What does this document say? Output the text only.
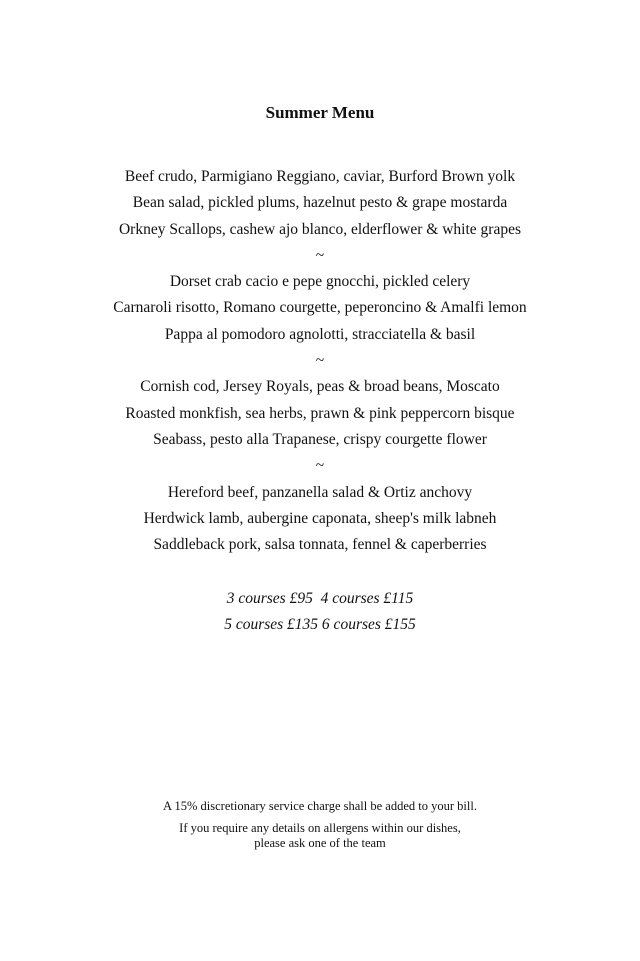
Summer Menu
Beef crudo, Parmigiano Reggiano, caviar, Burford Brown yolk
Bean salad, pickled plums, hazelnut pesto & grape mostarda
Orkney Scallops, cashew ajo blanco, elderflower & white grapes
~
Dorset crab cacio e pepe gnocchi, pickled celery
Carnaroli risotto, Romano courgette, peperoncino & Amalfi lemon
Pappa al pomodoro agnolotti, stracciatella & basil
~
Cornish cod, Jersey Royals, peas & broad beans, Moscato
Roasted monkfish, sea herbs, prawn & pink peppercorn bisque
Seabass, pesto alla Trapanese, crispy courgette flower
~
Hereford beef, panzanella salad & Ortiz anchovy
Herdwick lamb, aubergine caponata, sheep's milk labneh
Saddleback pork, salsa tonnata, fennel & caperberries
3 courses £95  4 courses £115
5 courses £135 6 courses £155
A 15% discretionary service charge shall be added to your bill.
If you require any details on allergens within our dishes,
please ask one of the team
